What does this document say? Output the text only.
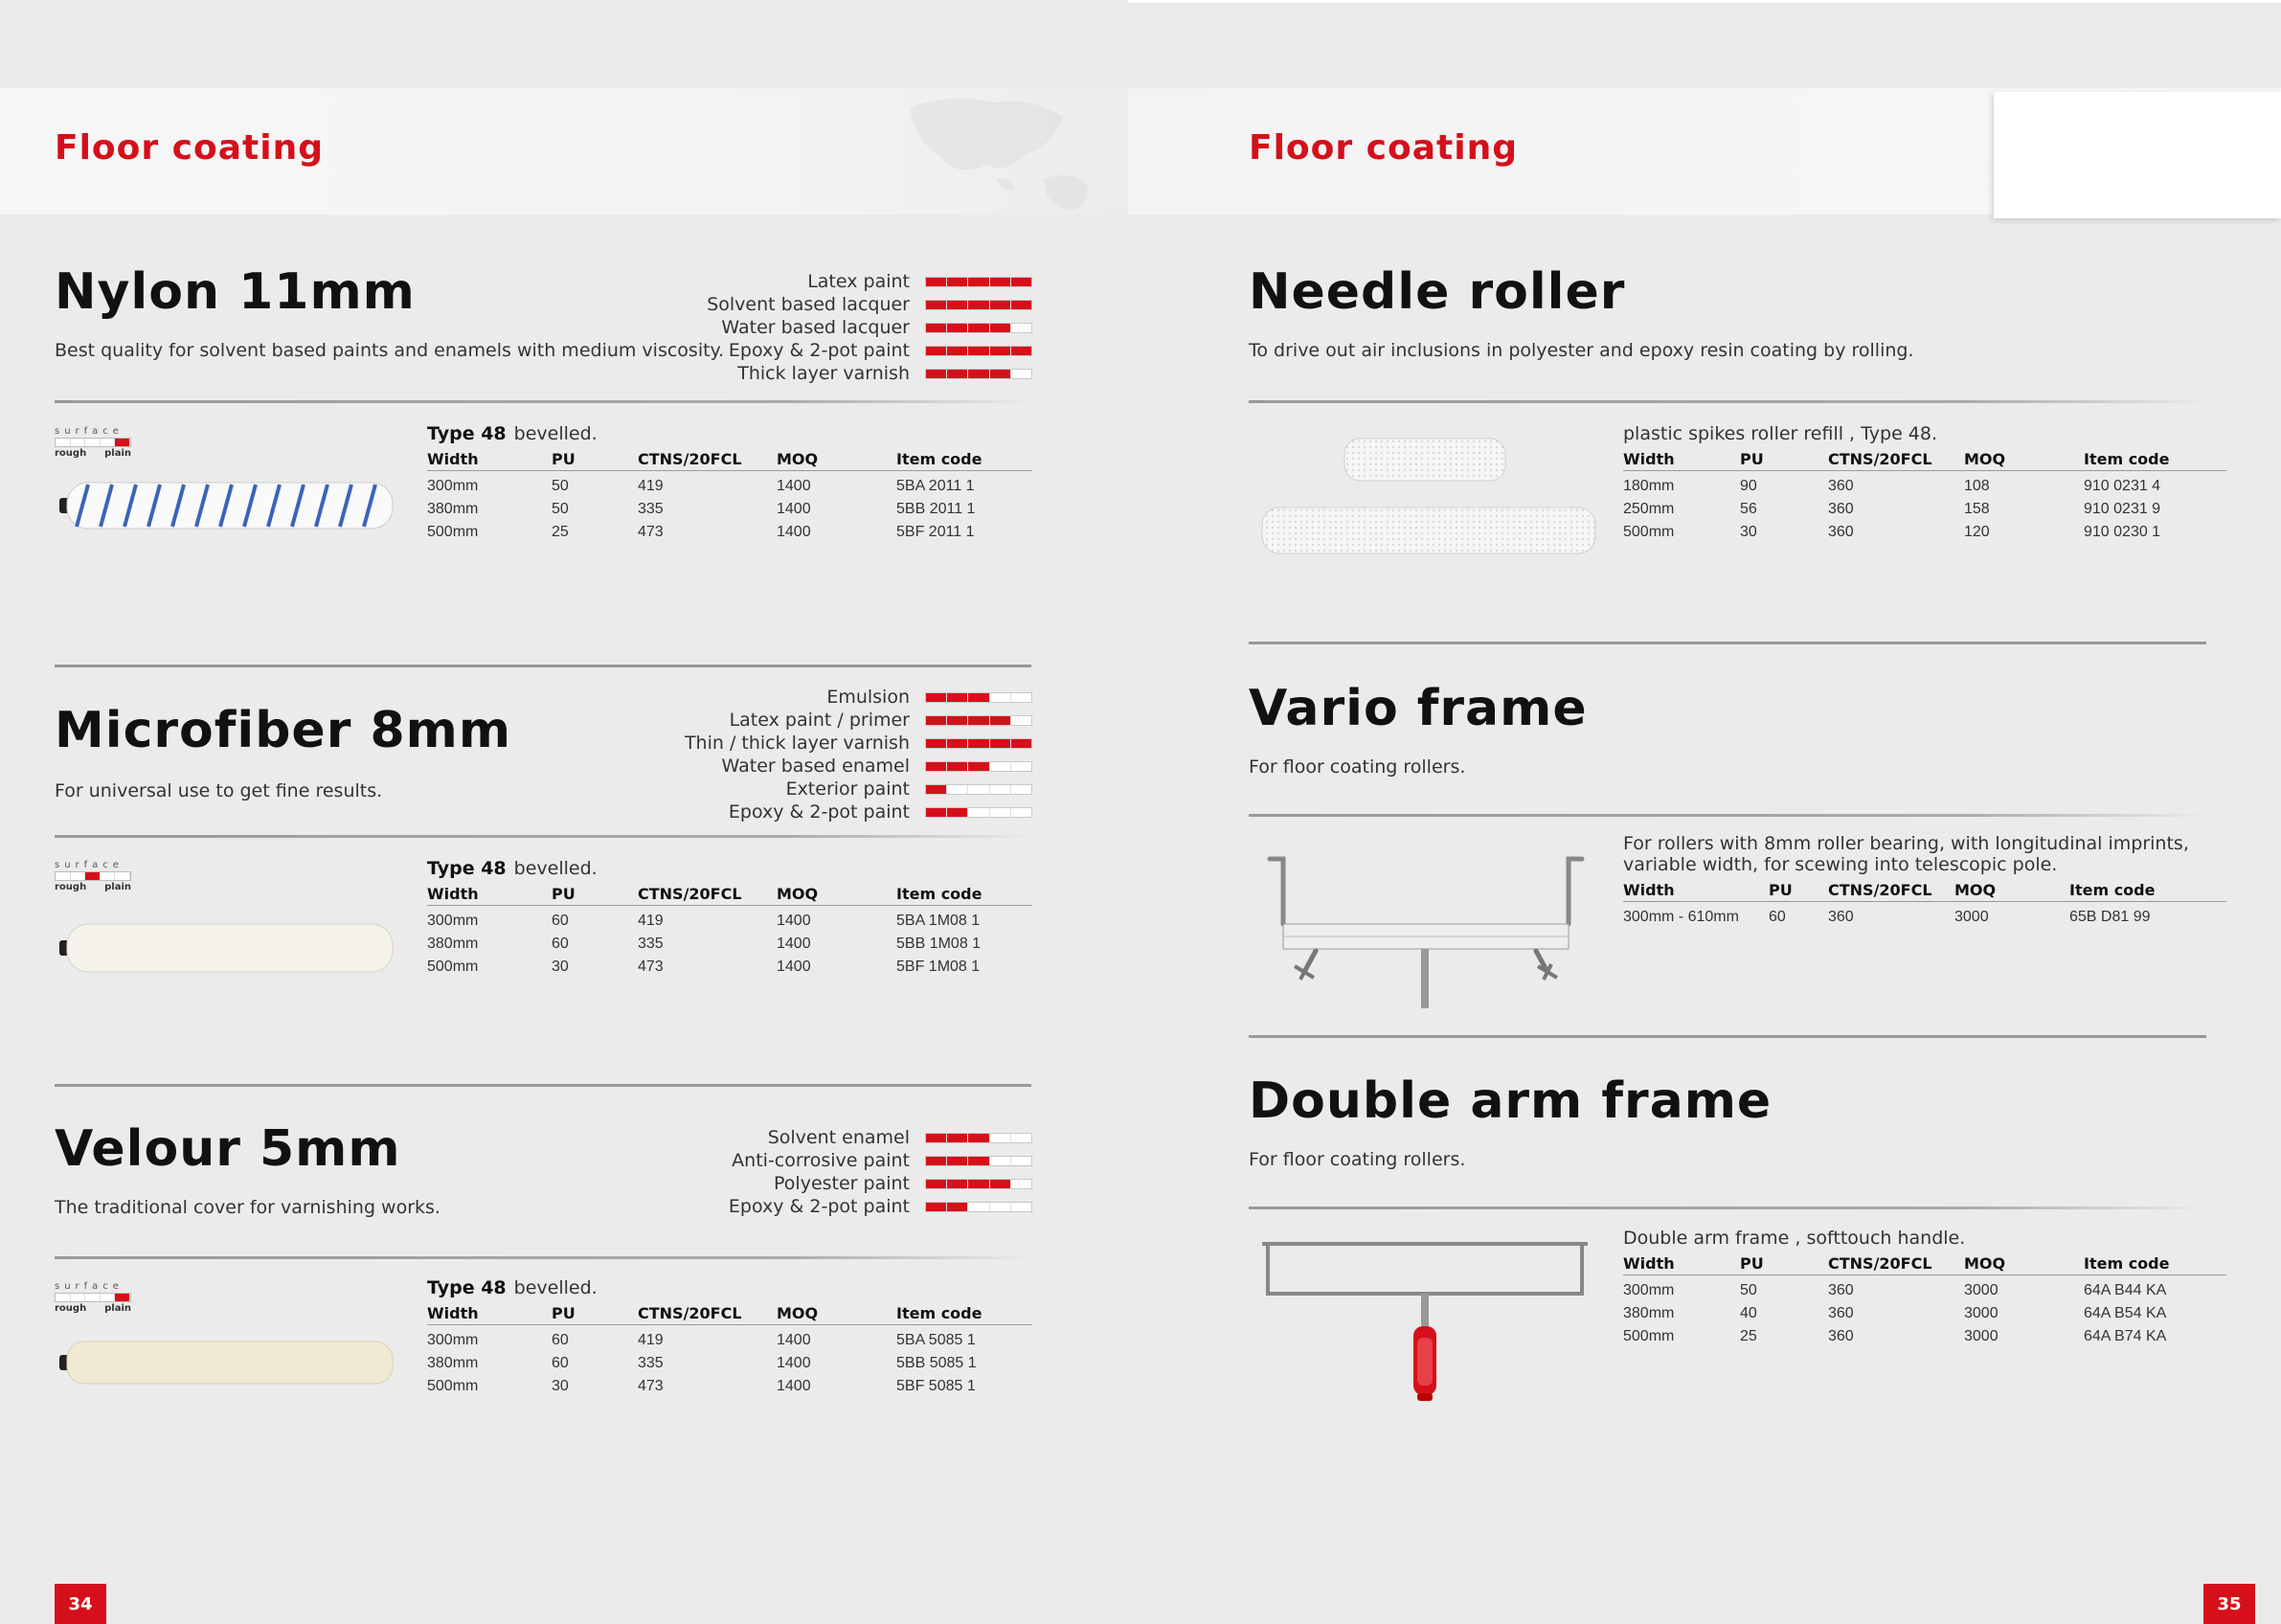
Floor coating
Nylon 11mm
Best quality for solvent based paints and enamels with medium viscosity.
Latex paint
Solvent based lacquer
Water based lacquer
Epoxy & 2-pot paint
Thick layer varnish
surface
rough plain
Type 48 bevelled.
Width	PU	CTNS/20FCL	MOQ	Item code
300mm	50	419	1400	5BA 2011 1
380mm	50	335	1400	5BB 2011 1
500mm	25	473	1400	5BF 2011 1
Microfiber 8mm
For universal use to get fine results.
Emulsion
Latex paint / primer
Thin / thick layer varnish
Water based enamel
Exterior paint
Epoxy & 2-pot paint
surface
rough plain
Type 48 bevelled.
Width	PU	CTNS/20FCL	MOQ	Item code
300mm	60	419	1400	5BA 1M08 1
380mm	60	335	1400	5BB 1M08 1
500mm	30	473	1400	5BF 1M08 1
Velour 5mm
The traditional cover for varnishing works.
Solvent enamel
Anti-corrosive paint
Polyester paint
Epoxy & 2-pot paint
surface
rough plain
Type 48 bevelled.
Width	PU	CTNS/20FCL	MOQ	Item code
300mm	60	419	1400	5BA 5085 1
380mm	60	335	1400	5BB 5085 1
500mm	30	473	1400	5BF 5085 1
34
Floor coating
Needle roller
To drive out air inclusions in polyester and epoxy resin coating by rolling.
plastic spikes roller refill , Type 48.
Width	PU	CTNS/20FCL	MOQ	Item code
180mm	90	360	108	910 0231 4
250mm	56	360	158	910 0231 9
500mm	30	360	120	910 0230 1
Vario frame
For floor coating rollers.
For rollers with 8mm roller bearing, with longitudinal imprints, variable width, for scewing into telescopic pole.
Width	PU	CTNS/20FCL	MOQ	Item code
300mm - 610mm	60	360	3000	65B D81 99
Double arm frame
For floor coating rollers.
Double arm frame , softtouch handle.
Width	PU	CTNS/20FCL	MOQ	Item code
300mm	50	360	3000	64A B44 KA
380mm	40	360	3000	64A B54 KA
500mm	25	360	3000	64A B74 KA
35
